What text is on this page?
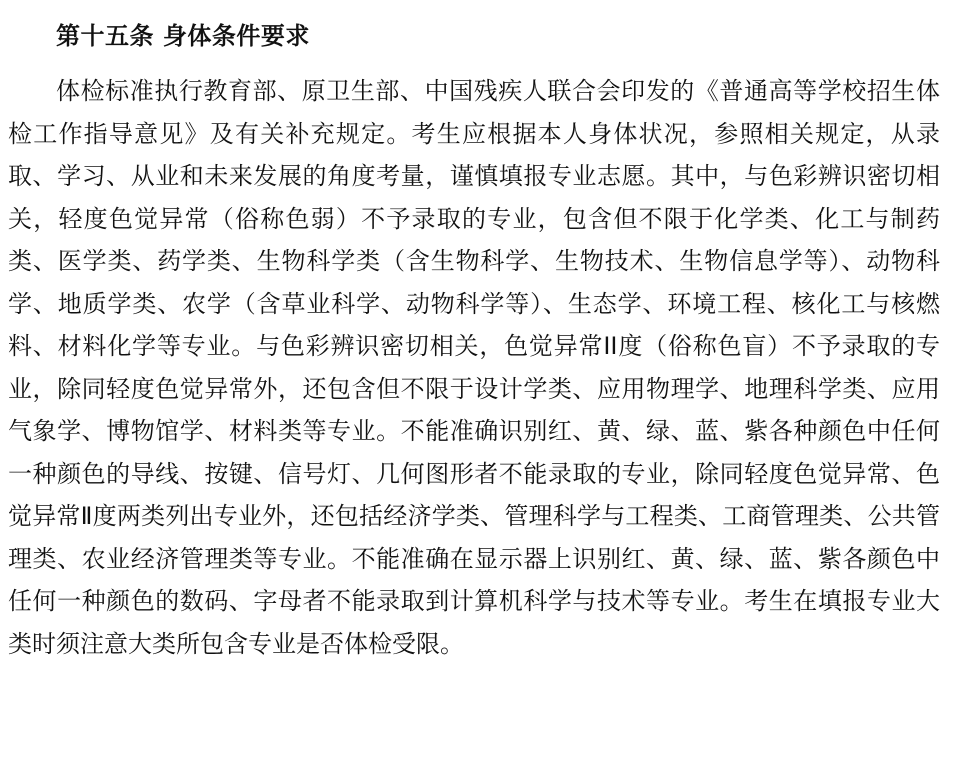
第十五条 身体条件要求

体检标准执行教育部、原卫生部、中国残疾人联合会印发的《普通高等学校招生体检工作指导意见》及有关补充规定。考生应根据本人身体状况，参照相关规定，从录取、学习、从业和未来发展的角度考量，谨慎填报专业志愿。其中，与色彩辨识密切相关，轻度色觉异常（俗称色弱）不予录取的专业，包含但不限于化学类、化工与制药类、医学类、药学类、生物科学类（含生物科学、生物技术、生物信息学等）、动物科学、地质学类、农学（含草业科学、动物科学等）、生态学、环境工程、核化工与核燃料、材料化学等专业。与色彩辨识密切相关，色觉异常II度（俗称色盲）不予录取的专业，除同轻度色觉异常外，还包含但不限于设计学类、应用物理学、地理科学类、应用气象学、博物馆学、材料类等专业。不能准确识别红、黄、绿、蓝、紫各种颜色中任何一种颜色的导线、按键、信号灯、几何图形者不能录取的专业，除同轻度色觉异常、色觉异常Ⅱ度两类列出专业外，还包括经济学类、管理科学与工程类、工商管理类、公共管理类、农业经济管理类等专业。不能准确在显示器上识别红、黄、绿、蓝、紫各颜色中任何一种颜色的数码、字母者不能录取到计算机科学与技术等专业。考生在填报专业大类时须注意大类所包含专业是否体检受限。
